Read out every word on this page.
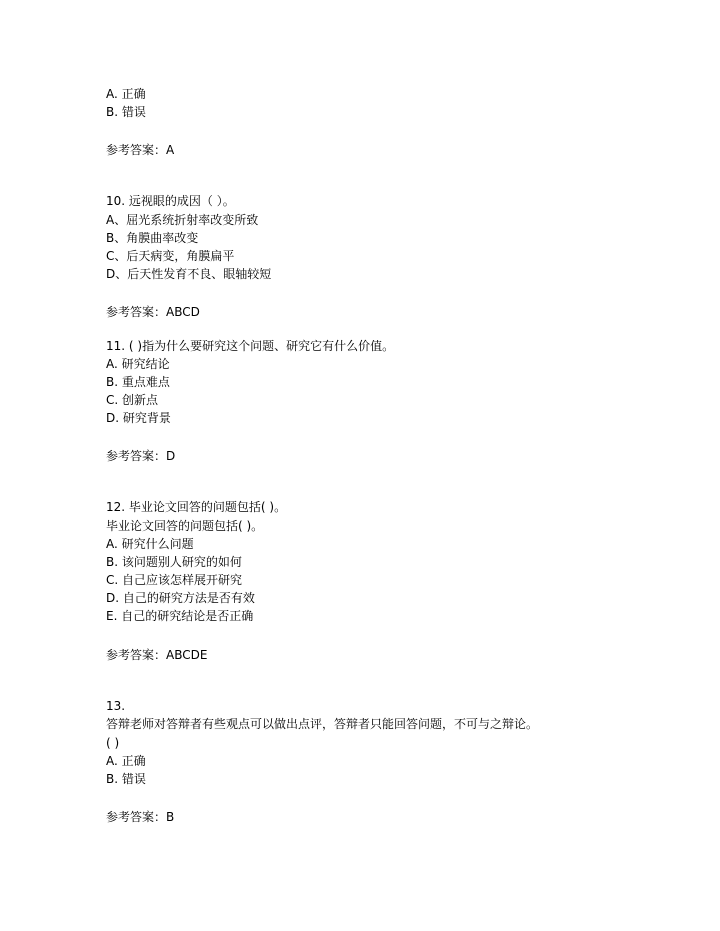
A. 正确
B. 错误
参考答案：A
10. 远视眼的成因（ ）。
A、屈光系统折射率改变所致
B、角膜曲率改变
C、后天病变，角膜扁平
D、后天性发育不良、眼轴较短
参考答案：ABCD
11. ( )指为什么要研究这个问题、研究它有什么价值。
A. 研究结论
B. 重点难点
C. 创新点
D. 研究背景
参考答案：D
12. 毕业论文回答的问题包括( )。
毕业论文回答的问题包括( )。
A. 研究什么问题
B. 该问题别人研究的如何
C. 自己应该怎样展开研究
D. 自己的研究方法是否有效
E. 自己的研究结论是否正确
参考答案：ABCDE
13.
答辩老师对答辩者有些观点可以做出点评，答辩者只能回答问题，不可与之辩论。
( )
A. 正确
B. 错误
参考答案：B
